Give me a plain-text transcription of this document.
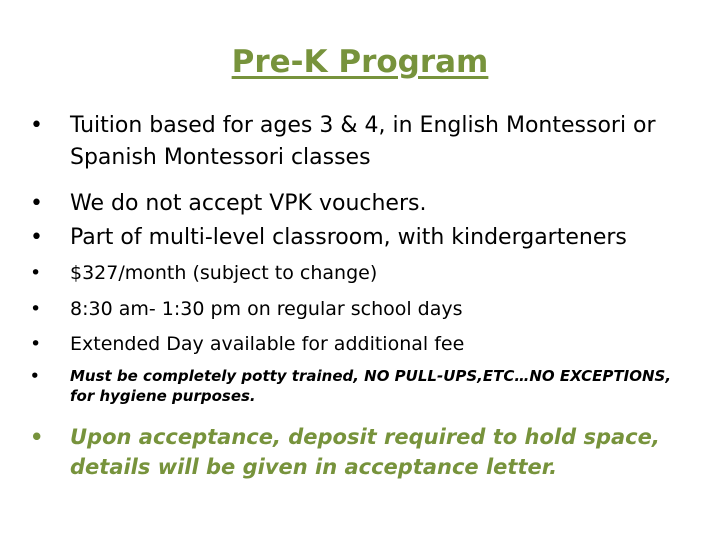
Pre-K Program
•	Tuition based for ages 3 & 4, in English Montessori or Spanish Montessori classes
•	We do not accept VPK vouchers.
•	Part of multi-level classroom, with kindergarteners
•	$327/month (subject to change)
•	8:30 am- 1:30 pm on regular school days
•	Extended Day available for additional fee
•	Must be completely potty trained, NO PULL-UPS,ETC…NO EXCEPTIONS, for hygiene purposes.
•	Upon acceptance, deposit required to hold space, details will be given in acceptance letter.
